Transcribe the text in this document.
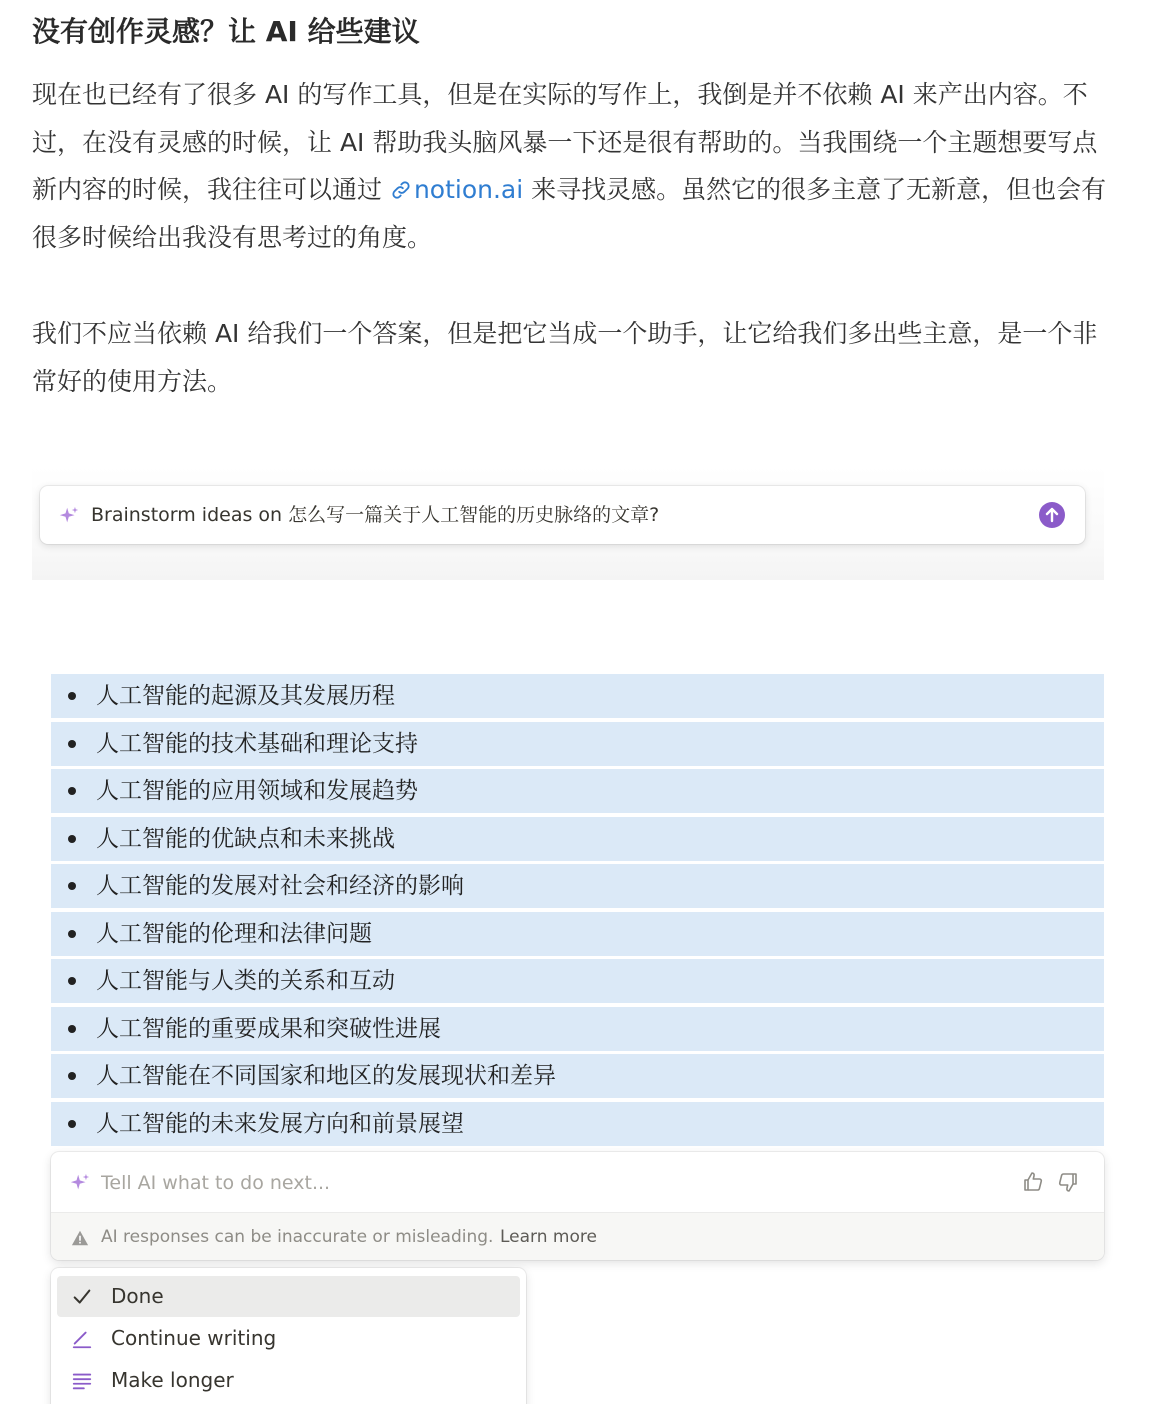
没有创作灵感？让 AI 给些建议

现在也已经有了很多 AI 的写作工具，但是在实际的写作上，我倒是并不依赖 AI 来产出内容。不过，在没有灵感的时候，让 AI 帮助我头脑风暴一下还是很有帮助的。当我围绕一个主题想要写点新内容的时候，我往往可以通过 notion.ai 来寻找灵感。虽然它的很多主意了无新意，但也会有很多时候给出我没有思考过的角度。

我们不应当依赖 AI 给我们一个答案，但是把它当成一个助手，让它给我们多出些主意，是一个非常好的使用方法。

Brainstorm ideas on 怎么写一篇关于人工智能的历史脉络的文章?
人工智能的起源及其发展历程
人工智能的技术基础和理论支持
人工智能的应用领域和发展趋势
人工智能的优缺点和未来挑战
人工智能的发展对社会和经济的影响
人工智能的伦理和法律问题
人工智能与人类的关系和互动
人工智能的重要成果和突破性进展
人工智能在不同国家和地区的发展现状和差异
人工智能的未来发展方向和前景展望
Tell AI what to do next...
AI responses can be inaccurate or misleading. Learn more
Done
Continue writing
Make longer
